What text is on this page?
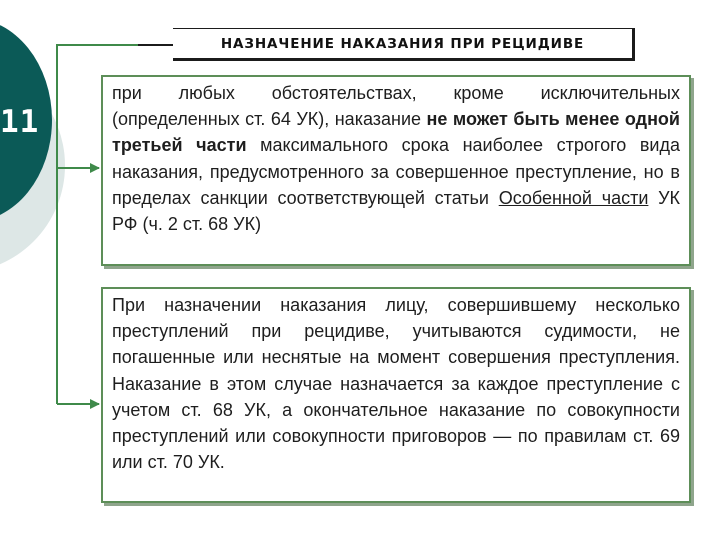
11
НАЗНАЧЕНИЕ НАКАЗАНИЯ ПРИ РЕЦИДИВЕ
при любых обстоятельствах, кроме исключительных (определенных ст. 64 УК), наказание не может быть менее одной третьей части максимального срока наиболее строгого вида наказания, предусмотренного за совершенное преступление, но в пределах санкции соответствующей статьи Особенной части УК РФ (ч. 2 ст. 68 УК)
При назначении наказания лицу, совершившему несколько преступлений при рецидиве, учитываются судимости, не погашенные или неснятые на момент совершения преступления. Наказание в этом случае назначается за каждое преступление с учетом ст. 68 УК, а окончательное наказание по совокупности преступлений или совокупности приговоров — по правилам ст. 69 или ст. 70 УК.
